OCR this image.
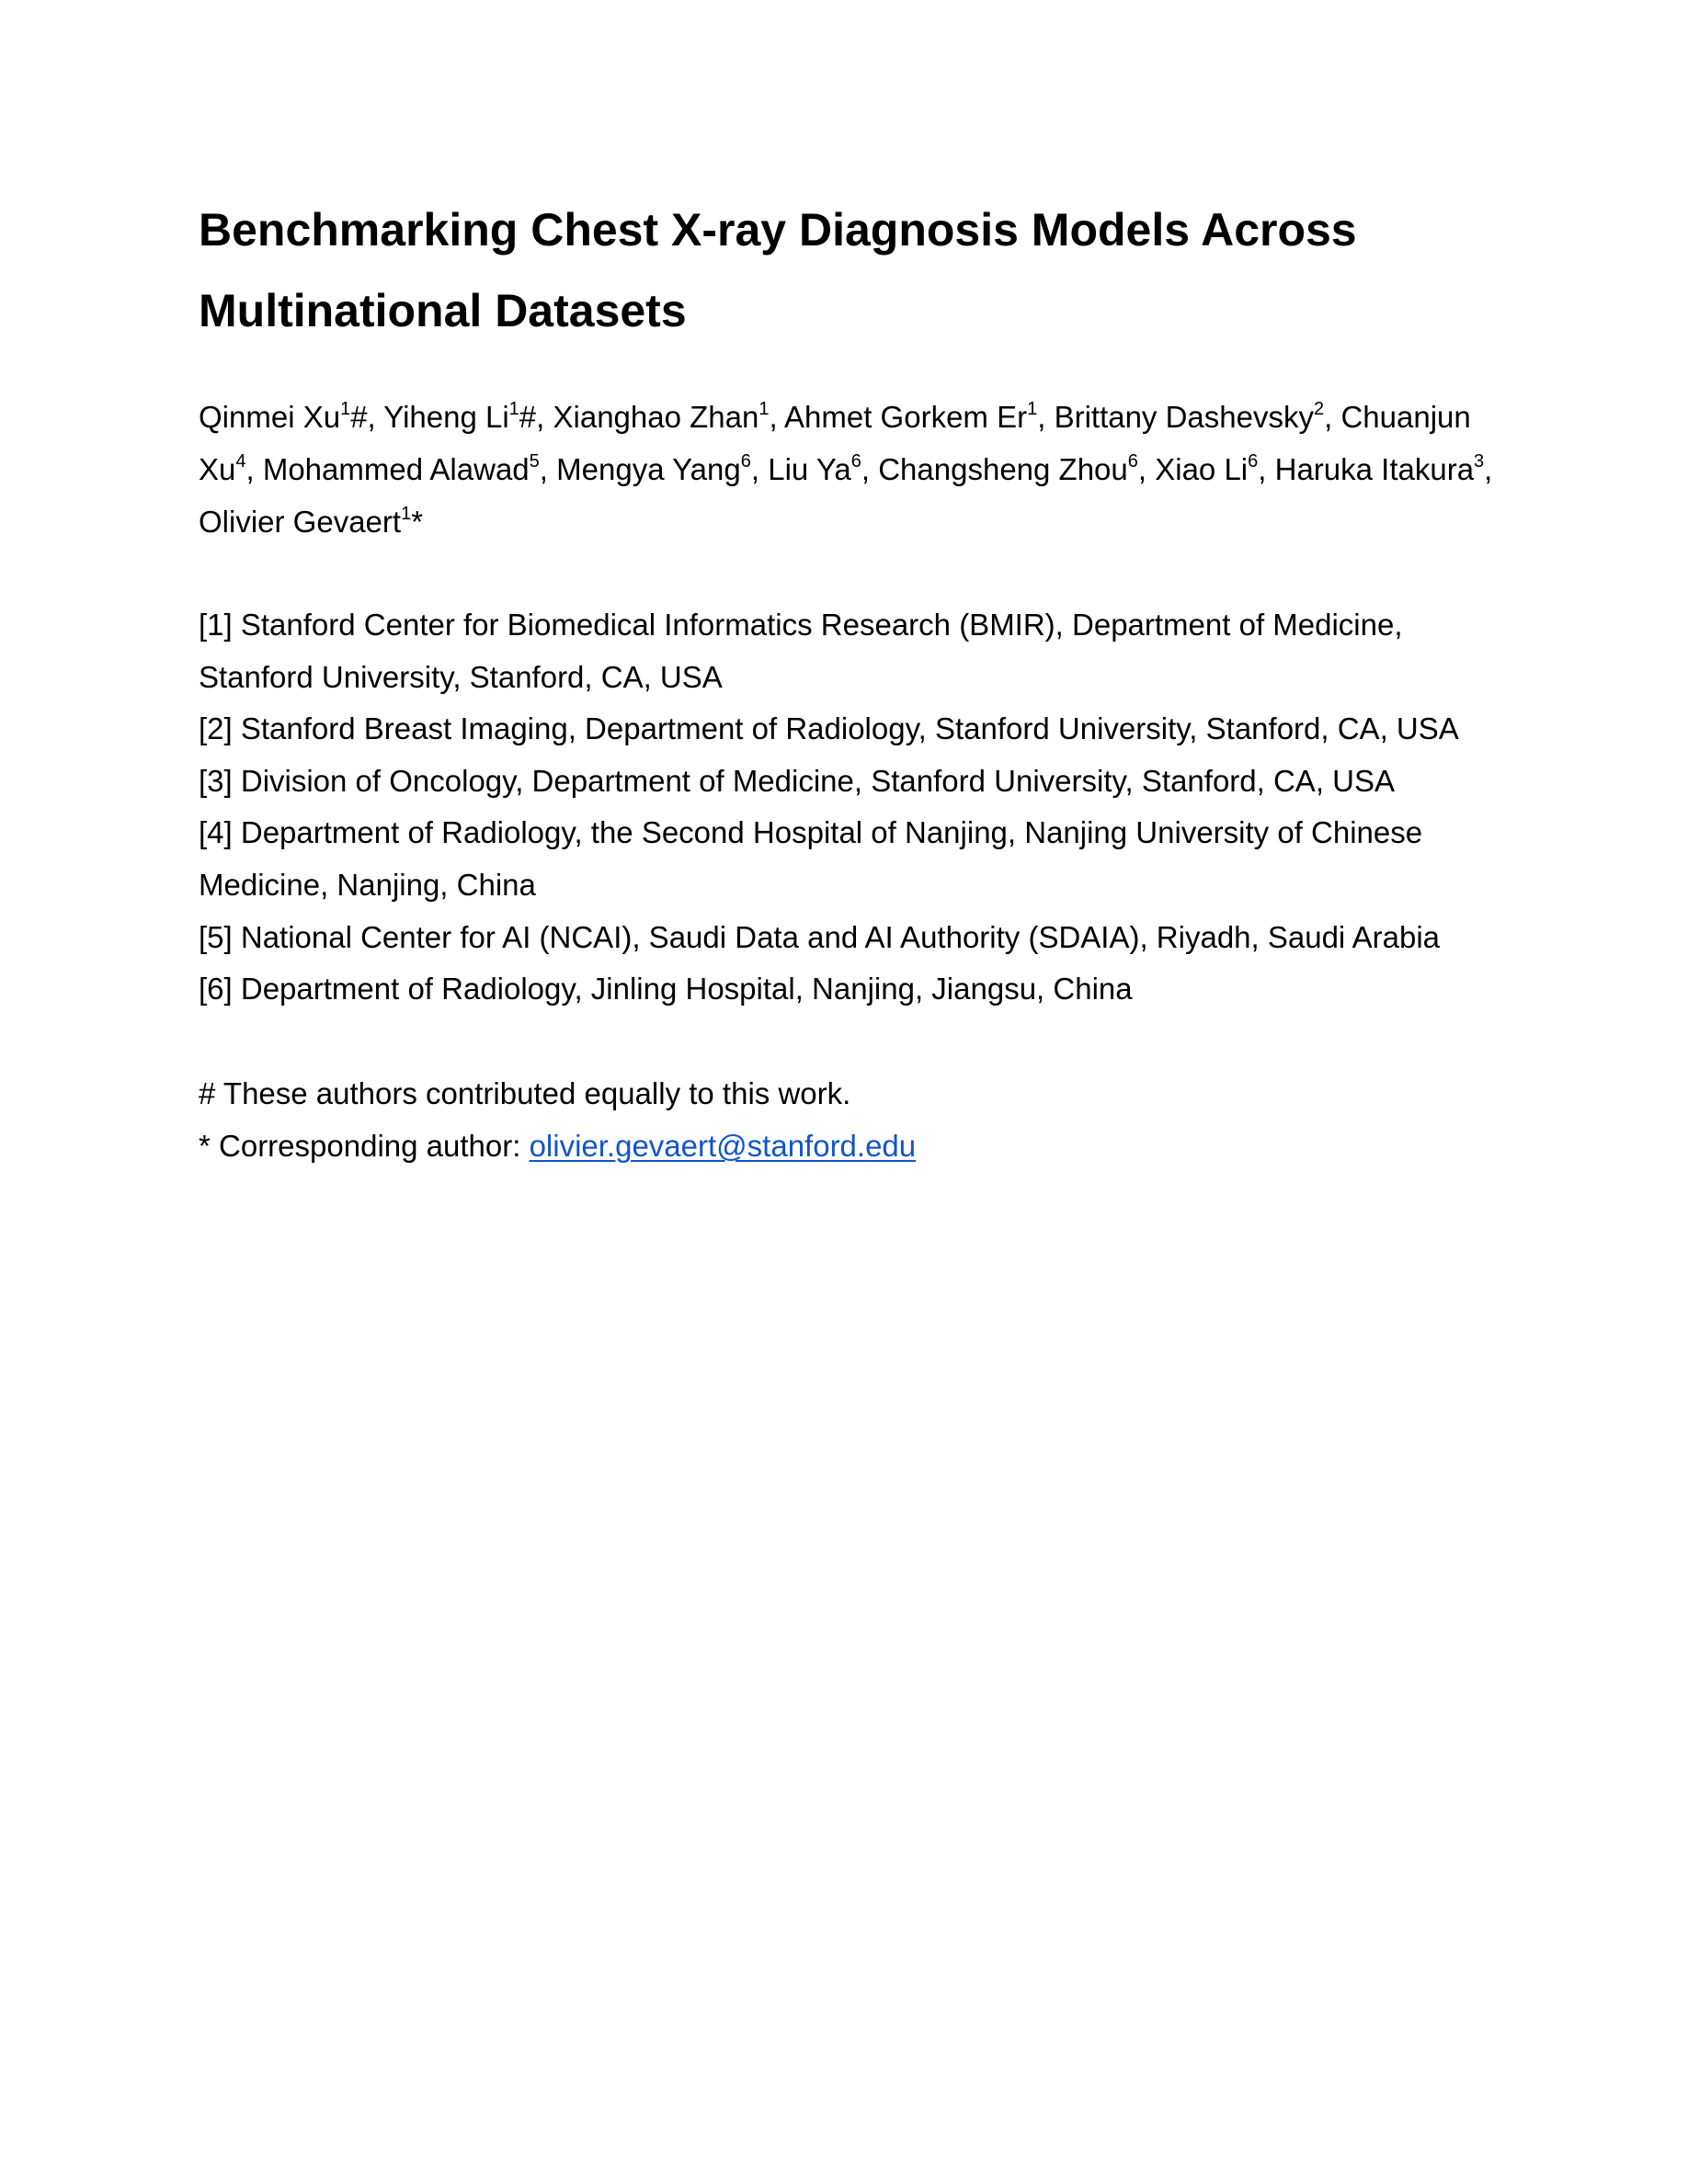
Benchmarking Chest X-ray Diagnosis Models Across
Multinational Datasets
Qinmei Xu$^1$#, Yiheng Li$^1$#, Xianghao Zhan$^1$, Ahmet Gorkem Er$^1$, Brittany Dashevsky$^2$, Chuanjun Xu$^4$, Mohammed Alawad$^5$, Mengya Yang$^6$, Liu Ya$^6$, Changsheng Zhou$^6$, Xiao Li$^6$, Haruka Itakura$^3$, Olivier Gevaert$^1$*
[1] Stanford Center for Biomedical Informatics Research (BMIR), Department of Medicine, Stanford University, Stanford, CA, USA
[2] Stanford Breast Imaging, Department of Radiology, Stanford University, Stanford, CA, USA
[3] Division of Oncology, Department of Medicine, Stanford University, Stanford, CA, USA
[4] Department of Radiology, the Second Hospital of Nanjing, Nanjing University of Chinese Medicine, Nanjing, China
[5] National Center for AI (NCAI), Saudi Data and AI Authority (SDAIA), Riyadh, Saudi Arabia
[6] Department of Radiology, Jinling Hospital, Nanjing, Jiangsu, China
# These authors contributed equally to this work.
* Corresponding author: olivier.gevaert@stanford.edu
